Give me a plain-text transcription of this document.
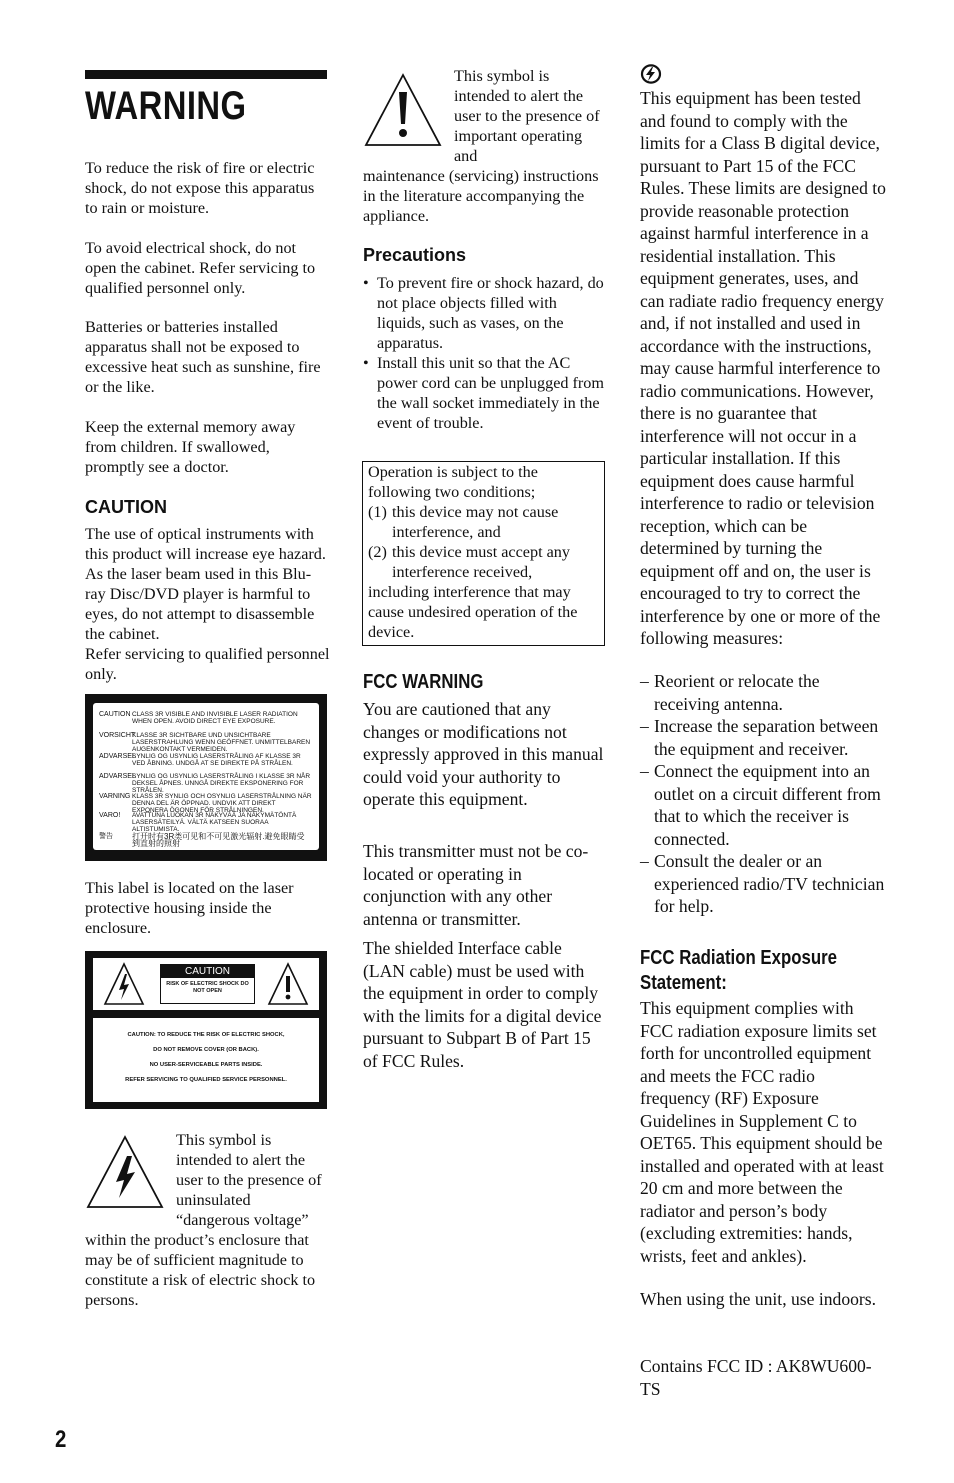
WARNING
To reduce the risk of fire or electric shock, do not expose this apparatus to rain or moisture.
To avoid electrical shock, do not open the cabinet. Refer servicing to qualified personnel only.
Batteries or batteries installed apparatus shall not be exposed to excessive heat such as sunshine, fire or the like.
Keep the external memory away from children. If swallowed, promptly see a doctor.
CAUTION

The use of optical instruments with this product will increase eye hazard. As the laser beam used in this Blu-ray Disc/DVD player is harmful to eyes, do not attempt to disassemble the cabinet.

Refer servicing to qualified personnel only.

CAUTION CLASS 3R VISIBLE AND INVISIBLE LASER RADIATION WHEN OPEN. AVOID DIRECT EYE EXPOSURE.
VORSICHTKLASSE 3R SICHTBARE UND UNSICHTBARE LASERSTRAHLUNG WENN GEÖFFNET. UNMITTELBAREN AUGENKONTAKT VERMEIDEN.
ADVARSELSYNLIG OG USYNLIG LASERSTRÅLING AF KLASSE 3R VED ÅBNING. UNDGÅ AT SE DIREKTE PÅ STRÅLEN.
ADVARSELSYNLIG OG USYNLIG LASERSTRÅLING I KLASSE 3R NÅR DEKSEL ÅPNES. UNNGÅ DIREKTE EKSPONERING FOR STRÅLEN.
VARNING KLASS 3R SYNLIG OCH OSYNLIG LASERSTRÅLNING NÄR DENNA DEL ÄR ÖPPNAD. UNDVIK ATT DIREKT EXPONERA ÖGONEN FÖR STRÅLNINGEN.
VARO! AVATTUNA LUOKAN 3R NÄKYVÄÄ JA NÄKYMÄTÖNTÄ LASERSÄTEILYÄ. VÄLTÄ KATSEEN SUORAA ALTISTUMISTA.
警告 打开时有3R类可见和不可见激光辐射.避免眼睛受到直射的照射
This label is located on the laser protective housing inside the enclosure.
CAUTION
RISK OF ELECTRIC SHOCK DO NOT OPEN
CAUTION: TO REDUCE THE RISK OF ELECTRIC SHOCK,
DO NOT REMOVE COVER (OR BACK).
NO USER-SERVICEABLE PARTS INSIDE.
REFER SERVICING TO QUALIFIED SERVICE PERSONNEL.
This symbol is intended to alert the user to the presence of uninsulated “dangerous voltage”
within the product’s enclosure that may be of sufficient magnitude to constitute a risk of electric shock to persons.
This symbol is intended to alert the user to the presence of important operating and
maintenance (servicing) instructions in the literature accompanying the appliance.
Precautions
• To prevent fire or shock hazard, do not place objects filled with liquids, such as vases, on the apparatus.
• Install this unit so that the AC power cord can be unplugged from the wall socket immediately in the event of trouble.

Operation is subject to the following two conditions;

(1) this device may not cause interference, and
(2) this device must accept any interference received,

including interference that may cause undesired operation of the device.

FCC WARNING
You are cautioned that any changes or modifications not expressly approved in this manual could void your authority to operate this equipment.
This transmitter must not be co-located or operating in conjunction with any other antenna or transmitter.
The shielded Interface cable (LAN cable) must be used with the equipment in order to comply with the limits for a digital device pursuant to Subpart B of Part 15 of FCC Rules.
This equipment has been tested and found to comply with the limits for a Class B digital device, pursuant to Part 15 of the FCC Rules. These limits are designed to provide reasonable protection against harmful interference in a residential installation. This equipment generates, uses, and can radiate radio frequency energy and, if not installed and used in accordance with the instructions, may cause harmful interference to radio communications. However, there is no guarantee that interference will not occur in a particular installation. If this equipment does cause harmful interference to radio or television reception, which can be determined by turning the equipment off and on, the user is encouraged to try to correct the interference by one or more of the following measures:
– Reorient or relocate the receiving antenna.
– Increase the separation between the equipment and receiver.
– Connect the equipment into an outlet on a circuit different from that to which the receiver is connected.
– Consult the dealer or an experienced radio/TV technician for help.
FCC Radiation Exposure
Statement:
This equipment complies with FCC radiation exposure limits set forth for uncontrolled equipment and meets the FCC radio frequency (RF) Exposure Guidelines in Supplement C to OET65. This equipment should be installed and operated with at least 20 cm and more between the radiator and person’s body (excluding extremities: hands, wrists, feet and ankles).
When using the unit, use indoors.
Contains FCC ID : AK8WU600-TS
2
